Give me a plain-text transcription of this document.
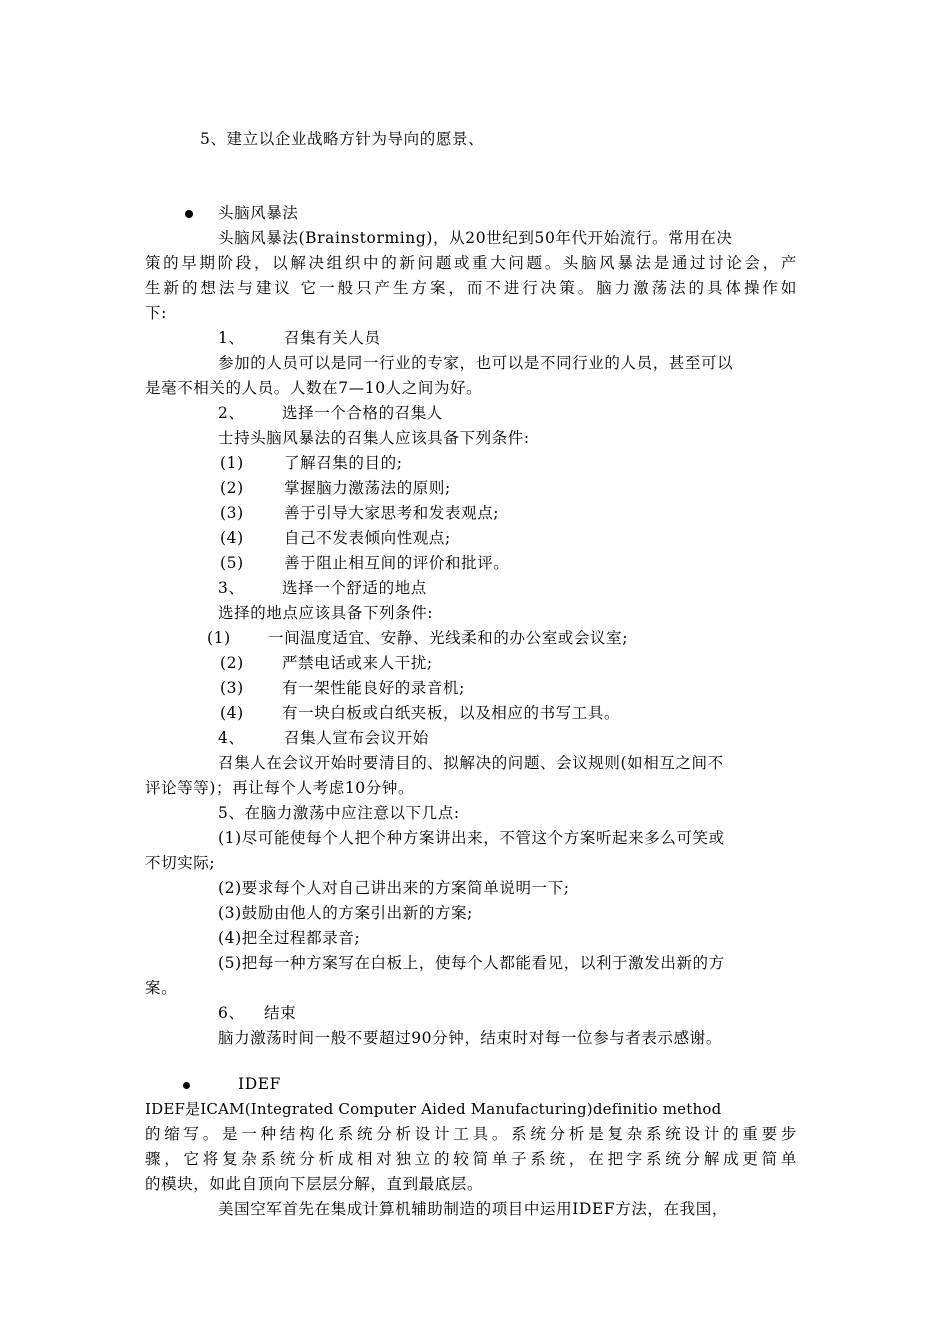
5、建立以企业战略方针为导向的愿景、

头脑风暴法

头脑风暴法(Brainstorming)，从20世纪到50年代开始流行。常用在决

策的早期阶段，以解决组织中的新问题或重大问题。头脑风暴法是通过讨论会，产

生新的想法与建议 它一般只产生方案，而不进行决策。脑力激荡法的具体操作如

下:

1、	召集有关人员

参加的人员可以是同一行业的专家，也可以是不同行业的人员，甚至可以

是毫不相关的人员。人数在7—10人之间为好。

2、 选择一个合格的召集人

士持头脑风暴法的召集人应该具备下列条件:

(1)	了解召集的目的;

(2)	掌握脑力激荡法的原则;

(3)	善于引导大家思考和发表观点;

(4)	自己不发表倾向性观点;

(5)	善于阻止相互间的评价和批评。

3、 选择一个舒适的地点

选择的地点应该具备下列条件:

(1) 一间温度适宜、安静、光线柔和的办公室或会议室;

(2) 严禁电话或来人干扰;

(3) 有一架性能良好的录音机;

(4) 有一块白板或白纸夹板，以及相应的书写工具。

4、	召集人宣布会议开始

召集人在会议开始时要清目的、拟解决的问题、会议规则(如相互之间不

评论等等)；再让每个人考虑10分钟。

5、在脑力激荡中应注意以下几点:

(1)尽可能使每个人把个种方案讲出来，不管这个方案听起来多么可笑或

不切实际;

(2)要求每个人对自己讲出来的方案简单说明一下;

(3)鼓励由他人的方案引出新的方案;

(4)把全过程都录音;

(5)把每一种方案写在白板上，使每个人都能看见，以利于激发出新的方

案。

6、 结束

脑力激荡时间一般不要超过90分钟，结束时对每一位参与者表示感谢。

IDEF

IDEF是ICAM(Integrated Computer Aided Manufacturing)definitio method

的缩写。是一种结构化系统分析设计工具。系统分析是复杂系统设计的重要步

骤，它将复杂系统分析成相对独立的较简单子系统，在把字系统分解成更简单

的模块，如此自顶向下层层分解，直到最底层。

美国空军首先在集成计算机辅助制造的项目中运用IDEF方法，在我国，
